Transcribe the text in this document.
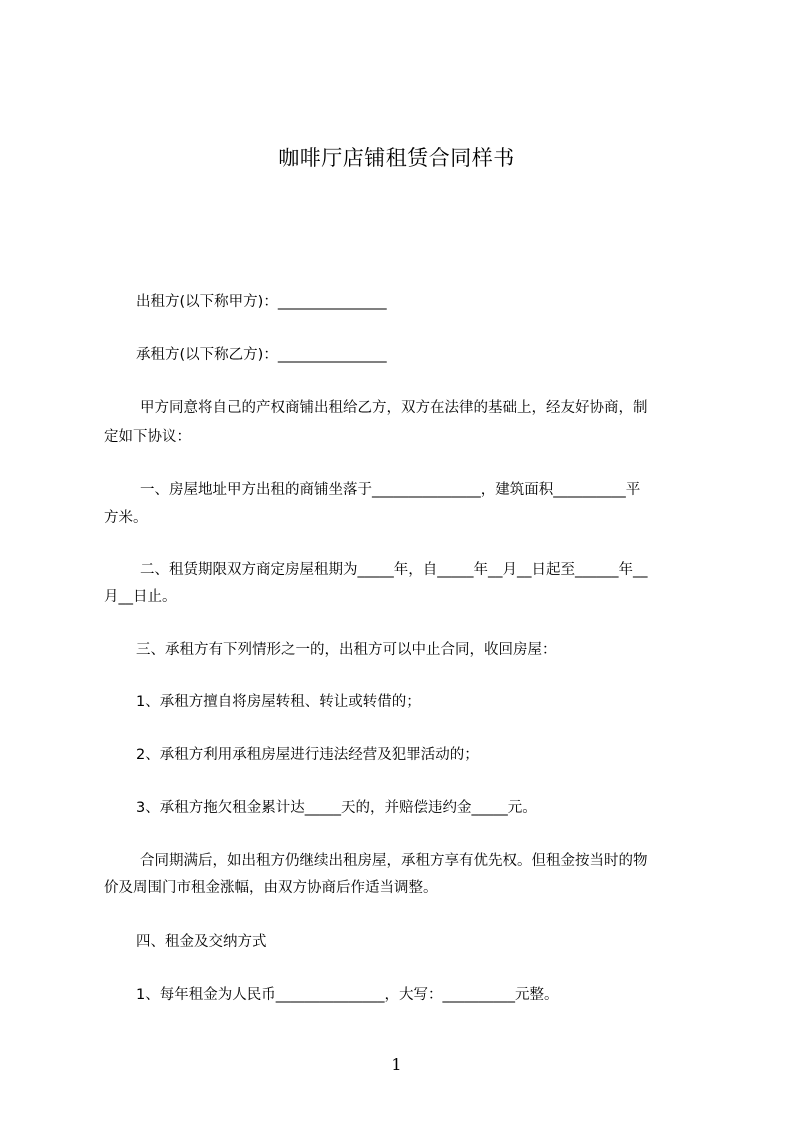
咖啡厅店铺租赁合同样书
出租方(以下称甲方)：_______________
承租方(以下称乙方)：_______________
甲方同意将自己的产权商铺出租给乙方，双方在法律的基础上，经友好协商，制
定如下协议：
一、房屋地址甲方出租的商铺坐落于_______________，建筑面积__________平
方米。
二、租赁期限双方商定房屋租期为_____年，自_____年__月__日起至______年__
月__日止。
三、承租方有下列情形之一的，出租方可以中止合同，收回房屋：
1、承租方擅自将房屋转租、转让或转借的；
2、承租方利用承租房屋进行违法经营及犯罪活动的；
3、承租方拖欠租金累计达_____天的，并赔偿违约金_____元。
合同期满后，如出租方仍继续出租房屋，承租方享有优先权。但租金按当时的物
价及周围门市租金涨幅，由双方协商后作适当调整。
四、租金及交纳方式
1、每年租金为人民币_______________，大写：__________元整。
1
